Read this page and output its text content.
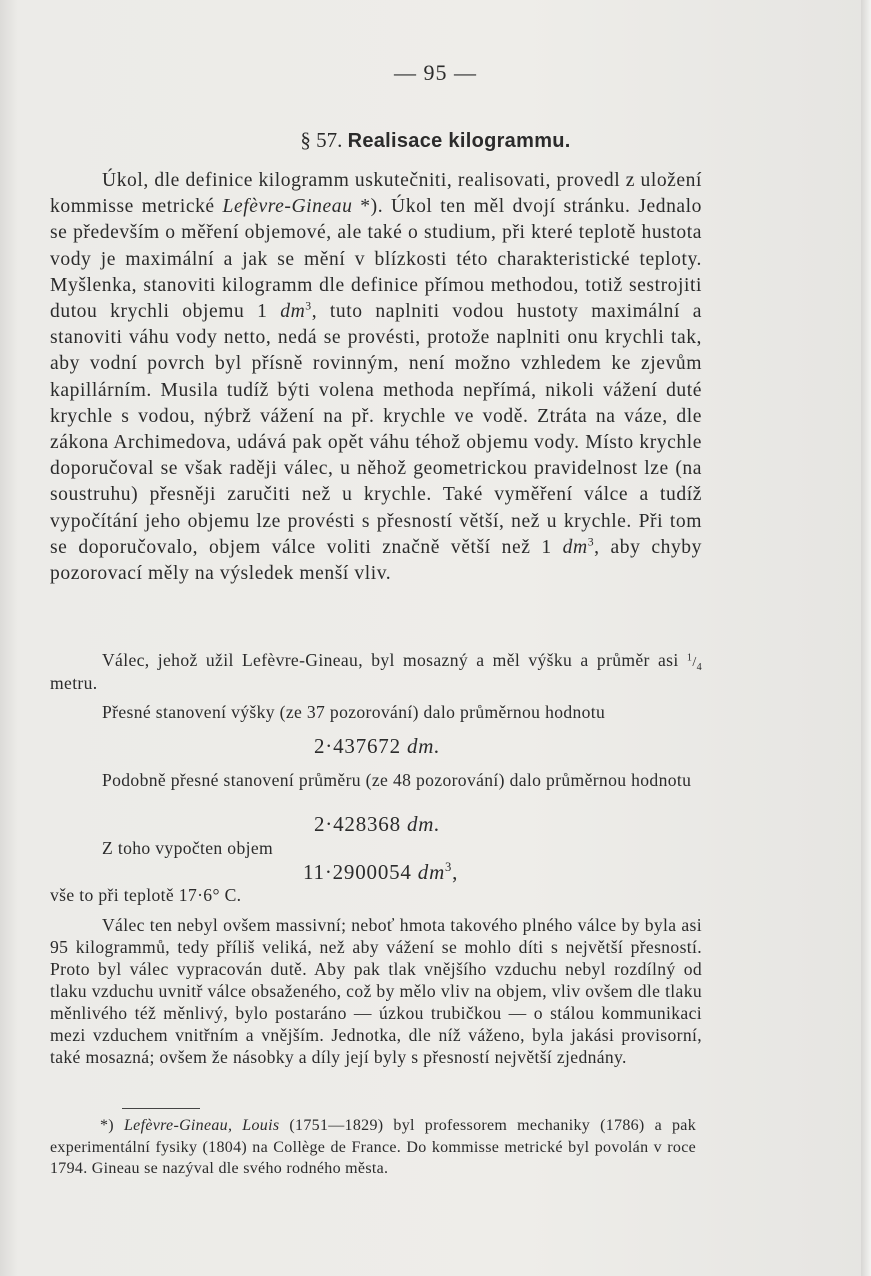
— 95 —
§ 57. Realisace kilogrammu.

Úkol, dle definice kilogramm uskutečniti, realisovati, provedl z uložení kommisse metrické Lefèvre-Gineau *). Úkol ten měl dvojí stránku. Jednalo se především o měření objemové, ale také o studium, při které teplotě hustota vody je maximální a jak se mění v blízkosti této charakteristické teploty. Myšlenka, stanoviti kilogramm dle definice přímou methodou, totiž sestrojiti dutou krychli objemu 1 $dm^3$, tuto naplniti vodou hustoty maximální a stanoviti váhu vody netto, nedá se provésti, protože naplniti onu krychli tak, aby vodní povrch byl přísně rovinným, není možno vzhledem ke zjevům kapillárním. Musila tudíž býti volena methoda nepřímá, nikoli vážení duté krychle s vodou, nýbrž vážení na př. krychle ve vodě. Ztráta na váze, dle zákona Archimedova, udává pak opět váhu téhož objemu vody. Místo krychle doporučoval se však raději válec, u něhož geometrickou pravidelnost lze (na soustruhu) přesněji zaručiti než u krychle. Také vyměření válce a tudíž vypočítání jeho objemu lze provésti s přesností větší, než u krychle. Při tom se doporučovalo, objem válce voliti značně větší než 1 $dm^3$, aby chyby pozorovací měly na výsledek menší vliv.

Válec, jehož užil Lefèvre-Gineau, byl mosazný a měl výšku a průměr asi $^1/_4$ metru.

Přesné stanovení výšky (ze 37 pozorování) dalo průměrnou hodnotu

2·437672 dm.

Podobně přesné stanovení průměru (ze 48 pozorování) dalo průměrnou hodnotu

2·428368 dm.

Z toho vypočten objem

11·2900054 $dm^3$,
vše to při teplotě 17·6° C.

Válec ten nebyl ovšem massivní; neboť hmota takového plného válce by byla asi 95 kilogrammů, tedy příliš veliká, než aby vážení se mohlo díti s největší přesností. Proto byl válec vypracován dutě. Aby pak tlak vnějšího vzduchu nebyl rozdílný od tlaku vzduchu uvnitř válce obsaženého, což by mělo vliv na objem, vliv ovšem dle tlaku měnlivého též měnlivý, bylo postaráno — úzkou trubičkou — o stálou kommunikaci mezi vzduchem vnitřním a vnějším. Jednotka, dle níž váženo, byla jakási provisorní, také mosazná; ovšem že násobky a díly její byly s přesností největší zjednány.

*) Lefèvre-Gineau, Louis (1751—1829) byl professorem mechaniky (1786) a pak experimentální fysiky (1804) na Collège de France. Do kommisse metrické byl povolán v roce 1794. Gineau se nazýval dle svého rodného města.
